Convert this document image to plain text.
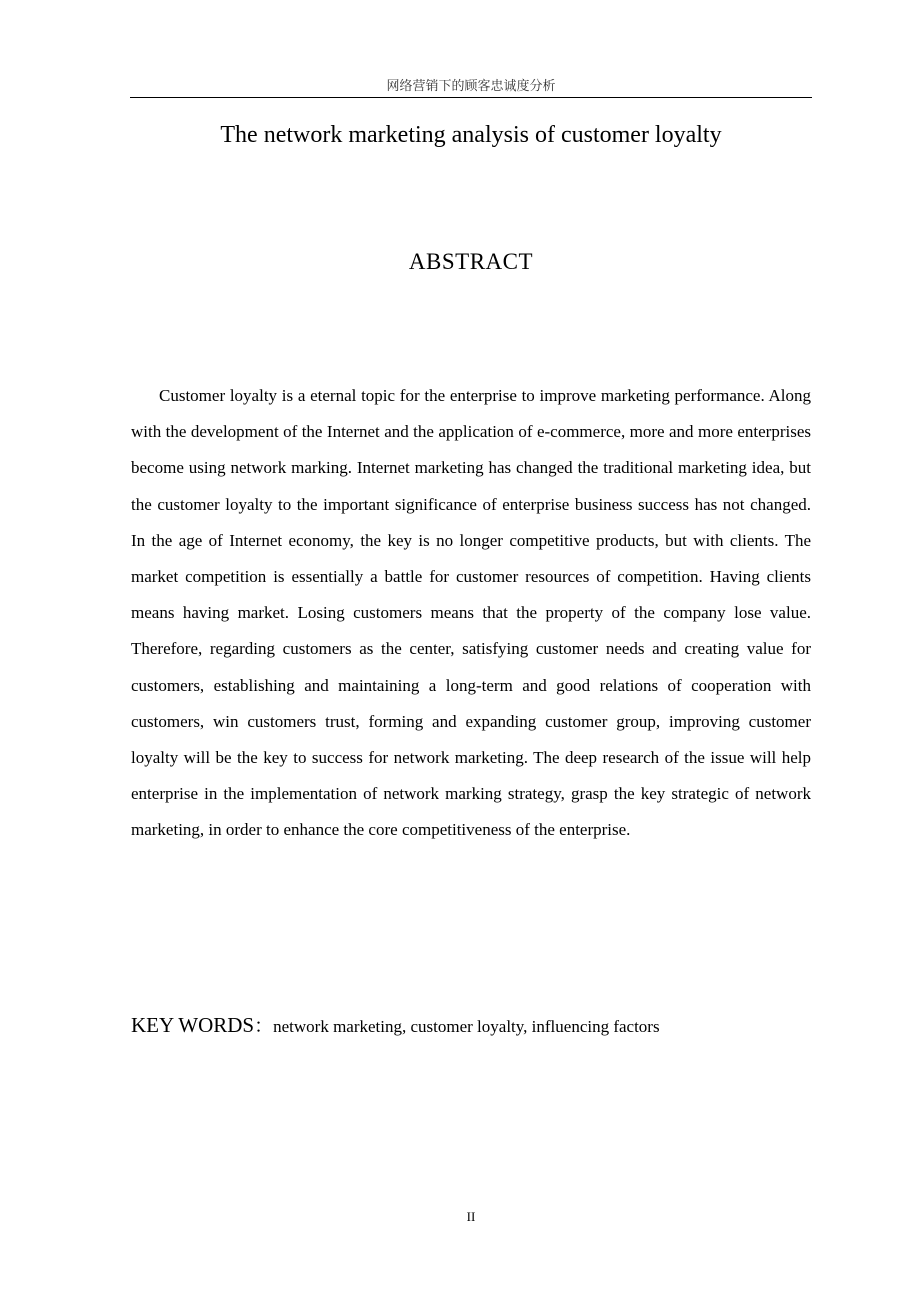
网络营销下的顾客忠诚度分析
The network marketing analysis of customer loyalty
ABSTRACT

Customer loyalty is a eternal topic for the enterprise to improve marketing performance. Along with the development of the Internet and the application of e-commerce, more and more enterprises become using network marking. Internet marketing has changed the traditional marketing idea, but the customer loyalty to the important significance of enterprise business success has not changed. In the age of Internet economy, the key is no longer competitive products, but with clients. The market competition is essentially a battle for customer resources of competition. Having clients means having market. Losing customers means that the property of the company lose value. Therefore, regarding customers as the center, satisfying customer needs and creating value for customers, establishing and maintaining a long-term and good relations of cooperation with customers, win customers trust, forming and expanding customer group, improving customer loyalty will be the key to success for network marketing. The deep research of the issue will help enterprise in the implementation of network marking strategy, grasp the key strategic of network marketing, in order to enhance the core competitiveness of the enterprise.

KEY WORDS：network marketing, customer loyalty, influencing factors

II
